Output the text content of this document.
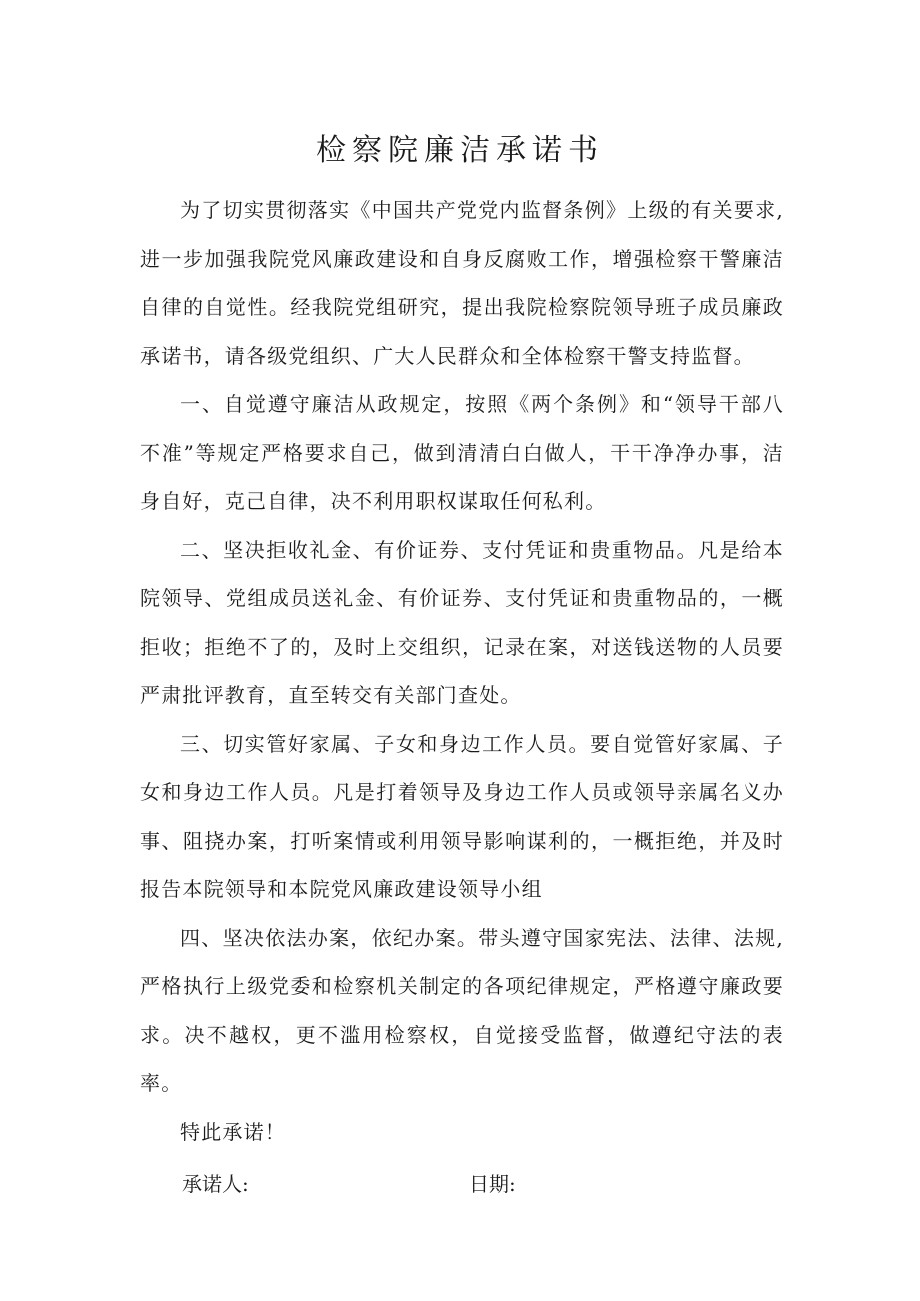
检察院廉洁承诺书

为了切实贯彻落实《中国共产党党内监督条例》上级的有关要求,进一步加强我院党风廉政建设和自身反腐败工作，增强检察干警廉洁自律的自觉性。经我院党组研究，提出我院检察院领导班子成员廉政承诺书，请各级党组织、广大人民群众和全体检察干警支持监督。

一、自觉遵守廉洁从政规定，按照《两个条例》和“领导干部八不准”等规定严格要求自己，做到清清白白做人，干干净净办事，洁身自好，克己自律，决不利用职权谋取任何私利。

二、坚决拒收礼金、有价证券、支付凭证和贵重物品。凡是给本院领导、党组成员送礼金、有价证券、支付凭证和贵重物品的，一概拒收；拒绝不了的，及时上交组织，记录在案，对送钱送物的人员要严肃批评教育，直至转交有关部门查处。

三、切实管好家属、子女和身边工作人员。要自觉管好家属、子女和身边工作人员。凡是打着领导及身边工作人员或领导亲属名义办事、阻挠办案，打听案情或利用领导影响谋利的，一概拒绝，并及时报告本院领导和本院党风廉政建设领导小组

四、坚决依法办案，依纪办案。带头遵守国家宪法、法律、法规,严格执行上级党委和检察机关制定的各项纪律规定，严格遵守廉政要求。决不越权，更不滥用检察权，自觉接受监督，做遵纪守法的表率。

特此承诺！

承诺人:	日期:
